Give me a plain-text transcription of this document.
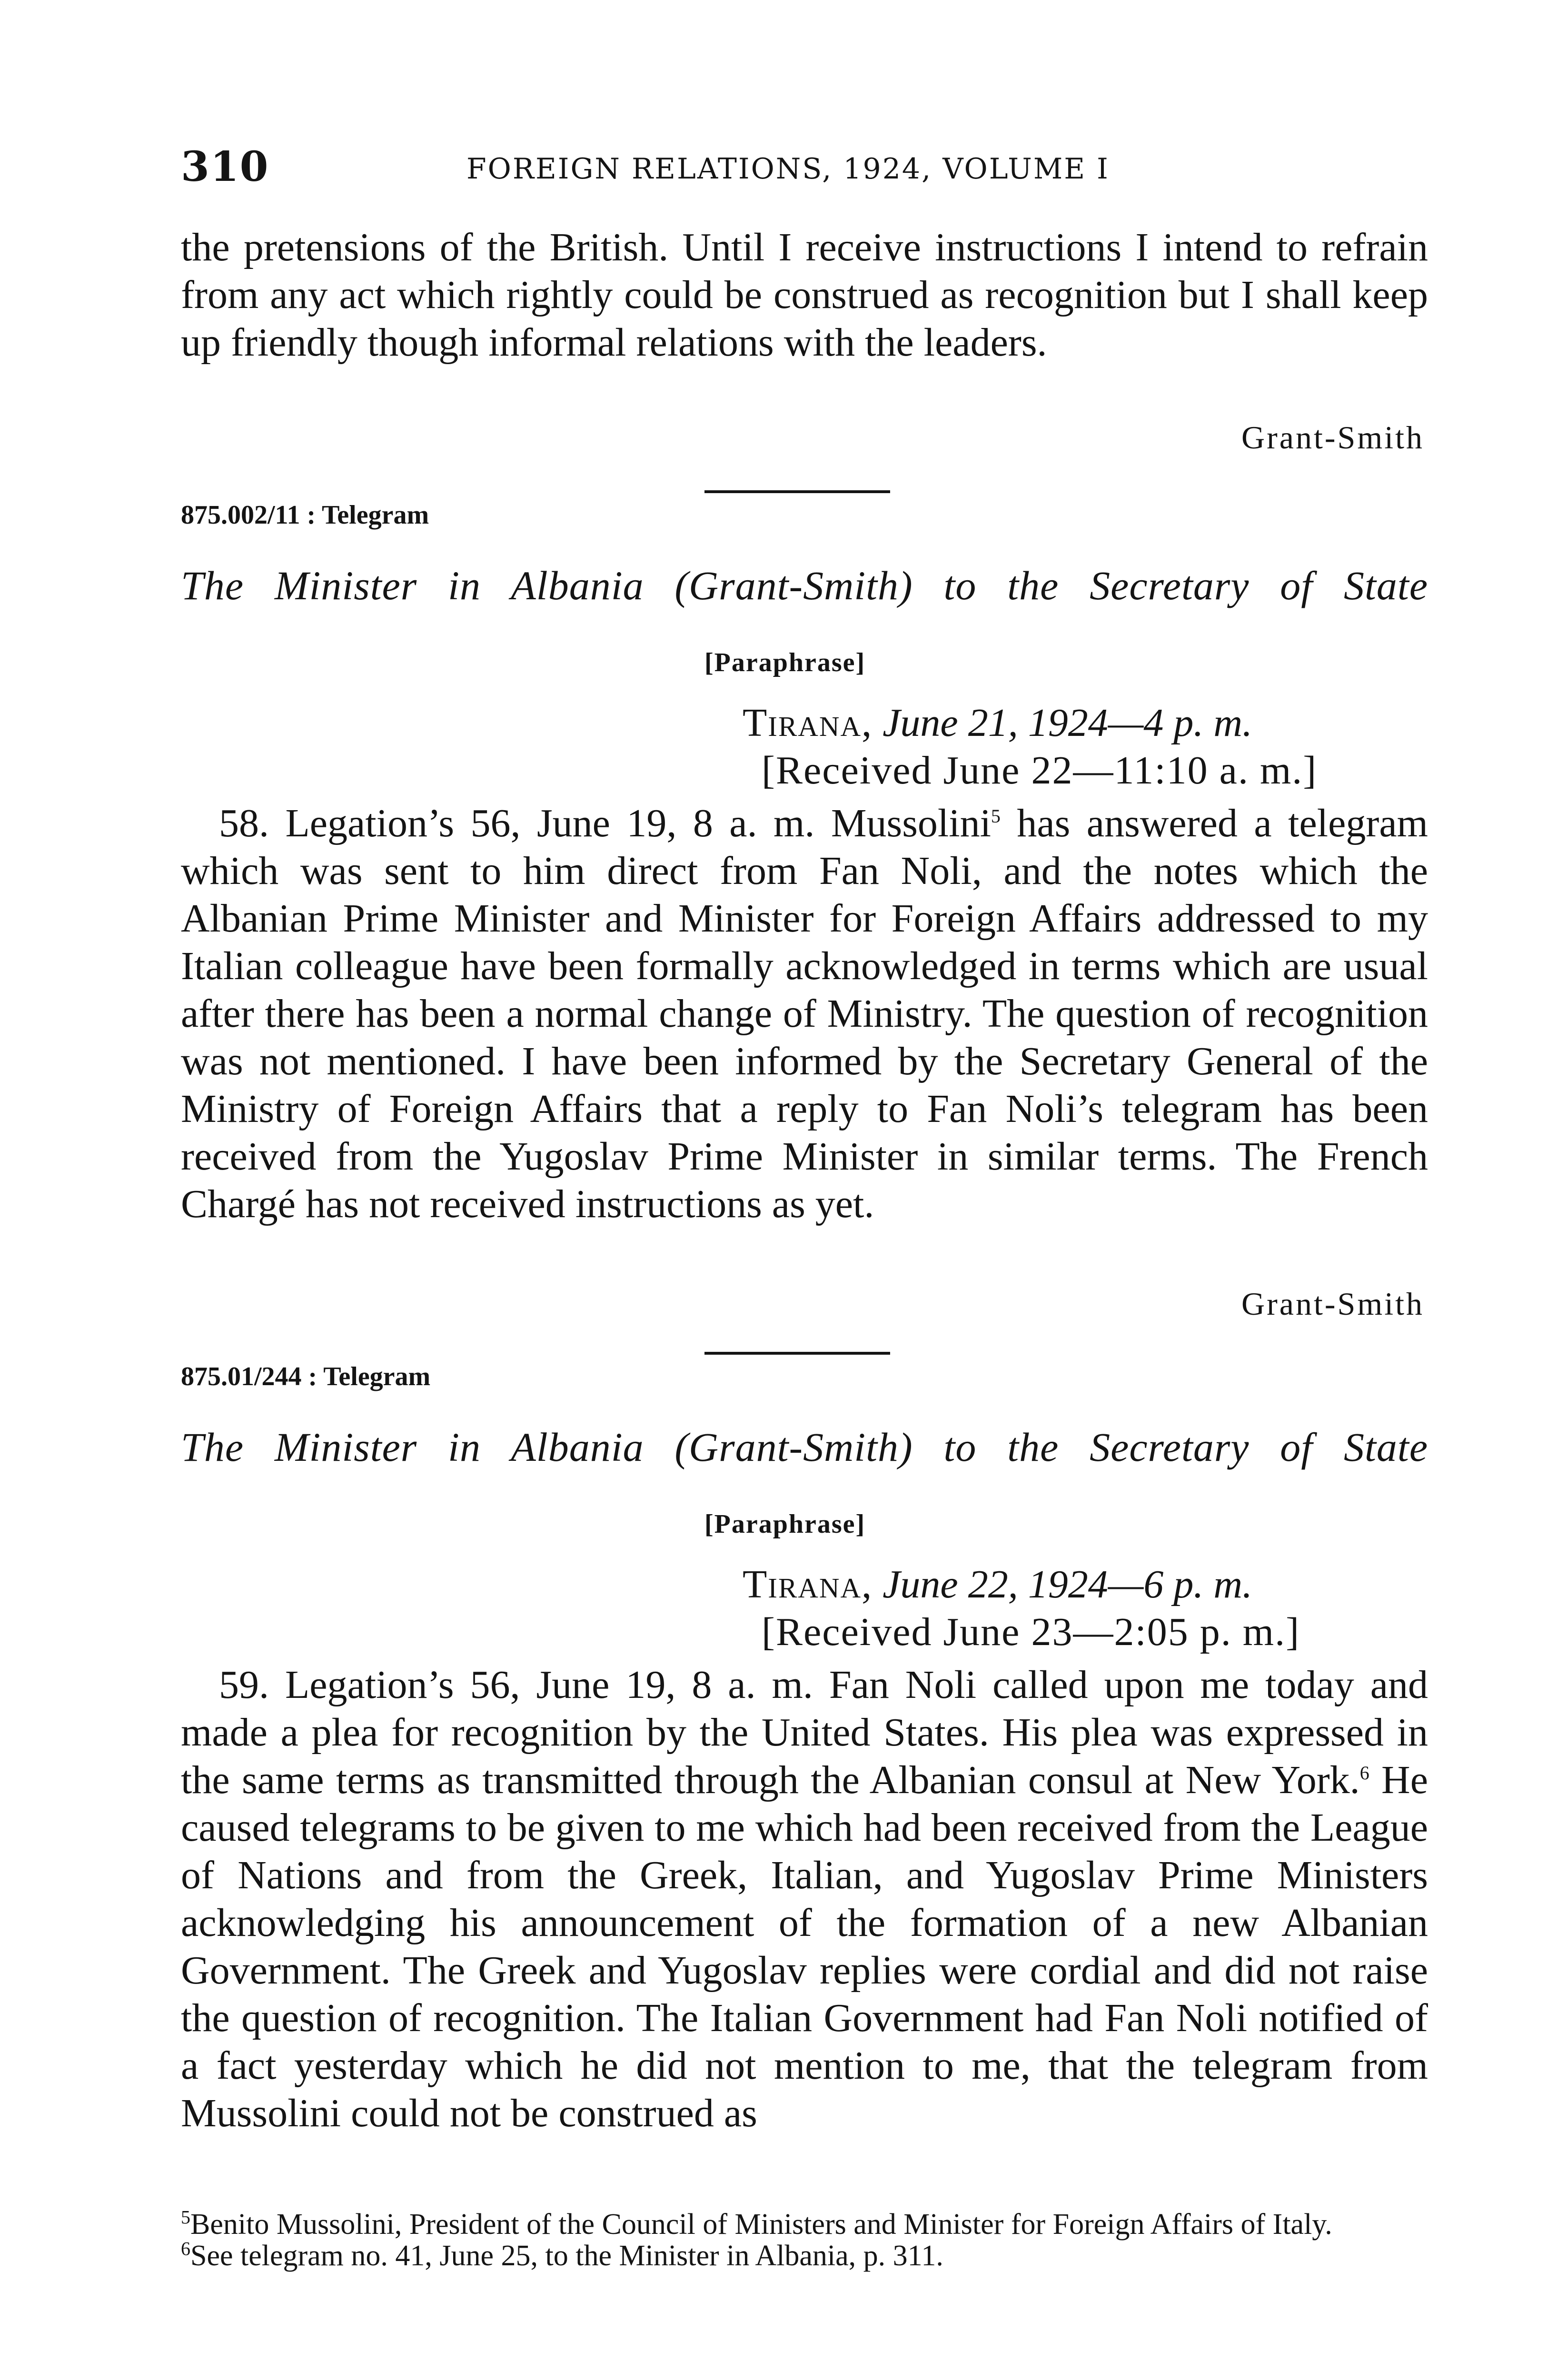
310	FOREIGN RELATIONS, 1924, VOLUME I

the pretensions of the British. Until I receive instructions I intend to refrain from any act which rightly could be construed as recognition but I shall keep up friendly though informal relations with the leaders.

Grant-Smith
875.002/11 : Telegram
The Minister in Albania (Grant-Smith) to the Secretary of State
[Paraphrase]
Tirana, June 21, 1924—4 p. m.
[Received June 22—11:10 a. m.]

58. Legation’s 56, June 19, 8 a. m. Mussolini$^5$ has answered a telegram which was sent to him direct from Fan Noli, and the notes which the Albanian Prime Minister and Minister for Foreign Affairs addressed to my Italian colleague have been formally acknowledged in terms which are usual after there has been a normal change of Ministry. The question of recognition was not mentioned. I have been informed by the Secretary General of the Ministry of Foreign Affairs that a reply to Fan Noli’s telegram has been received from the Yugoslav Prime Minister in similar terms. The French Chargé has not received instructions as yet.

Grant-Smith
875.01/244 : Telegram
The Minister in Albania (Grant-Smith) to the Secretary of State
[Paraphrase]
Tirana, June 22, 1924—6 p. m.
[Received June 23—2:05 p. m.]

59. Legation’s 56, June 19, 8 a. m. Fan Noli called upon me today and made a plea for recognition by the United States. His plea was expressed in the same terms as transmitted through the Albanian consul at New York.$^6$ He caused telegrams to be given to me which had been received from the League of Nations and from the Greek, Italian, and Yugoslav Prime Ministers acknowledging his announcement of the formation of a new Albanian Government. The Greek and Yugoslav replies were cordial and did not raise the question of recognition. The Italian Government had Fan Noli notified of a fact yesterday which he did not mention to me, that the telegram from Mussolini could not be construed as

$^5$Benito Mussolini, President of the Council of Ministers and Minister for Foreign Affairs of Italy.

$^6$See telegram no. 41, June 25, to the Minister in Albania, p. 311.
